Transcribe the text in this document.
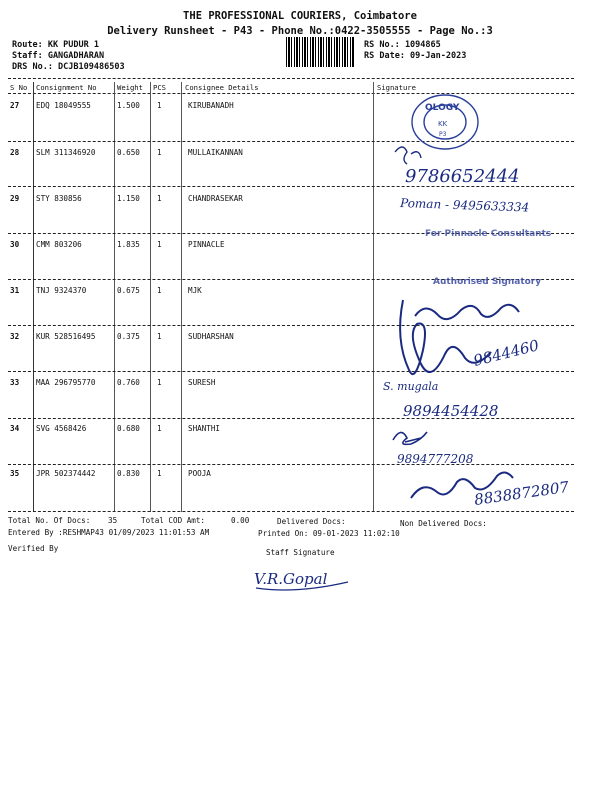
THE PROFESSIONAL COURIERS, Coimbatore
Delivery Runsheet - P43 - Phone No.:0422-3505555 - Page No.:3
Route: KK PUDUR 1
Staff: GANGADHARAN
DRS No.: DCJB109486503
RS No.: 1094865
RS Date: 09-Jan-2023
S No Consignment No	Weight PCS	Consignee Details	Signature
27 EDQ 18049555	1.500 1	KIRUBANADH
28 SLM 311346920	0.650 1	MULLAIKANNAN
29 STY 830856	1.150 1	CHANDRASEKAR
30 CMM 803206	1.835 1	PINNACLE
31 TNJ 9324370	0.675 1	MJK
32 KUR 528516495	0.375 1	SUDHARSHAN
33 MAA 296795770	0.760 1	SURESH
34 SVG 4568426	0.680 1	SHANTHI
35 JPR 502374442	0.830 1	POOJA
OLOGY
KK
P3
9786652444
Poman - 9495633334
For Pinnacle Consultants
Authorised Signatory
9844460
S. mugala
9894454428
9894777208
8838872807
Total No. Of Docs: 35	Total COD Amt:	0.00	Delivered Docs:	Non Delivered Docs:
Entered By :RESHMAP43 01/09/2023 11:01:53 AM	Printed On: 09-01-2023 11:02:10
Verified By	Staff Signature
V.R.Gopal
